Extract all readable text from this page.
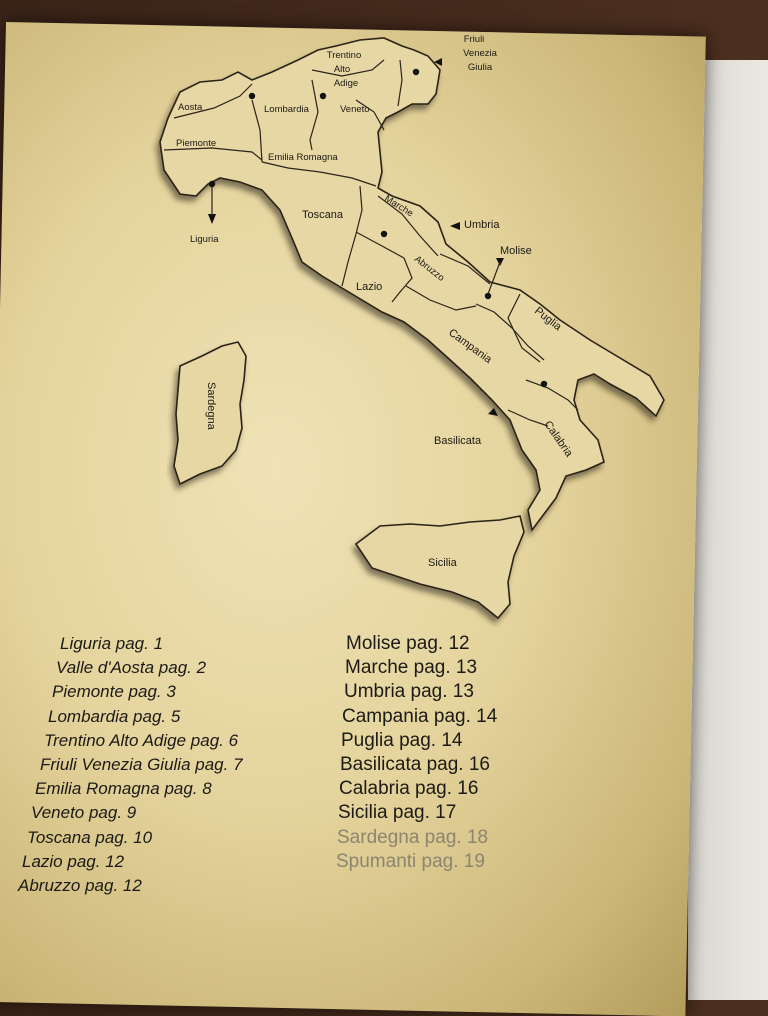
Friuli
Venezia
Giulia
Trentino
Alto
Adige
Aosta	Lombardia	Veneto
Piemonte
Emilia Romagna
Liguria
Toscana	Marche
Umbria
Molise
Abruzzo
Lazio
Sardegna
Puglia
Campania
Basilicata	Calabria
Sicilia
Liguria pag. 1
Valle d'Aosta pag. 2
Piemonte pag. 3
Lombardia pag. 5
Trentino Alto Adige pag. 6
Friuli Venezia Giulia pag. 7
Emilia Romagna pag. 8
Veneto pag. 9
Toscana pag. 10
Lazio pag. 12
Abruzzo pag. 12
Molise pag. 12
Marche pag. 13
Umbria pag. 13
Campania pag. 14
Puglia pag. 14
Basilicata pag. 16
Calabria pag. 16
Sicilia pag. 17
Sardegna pag. 18
Spumanti pag. 19
